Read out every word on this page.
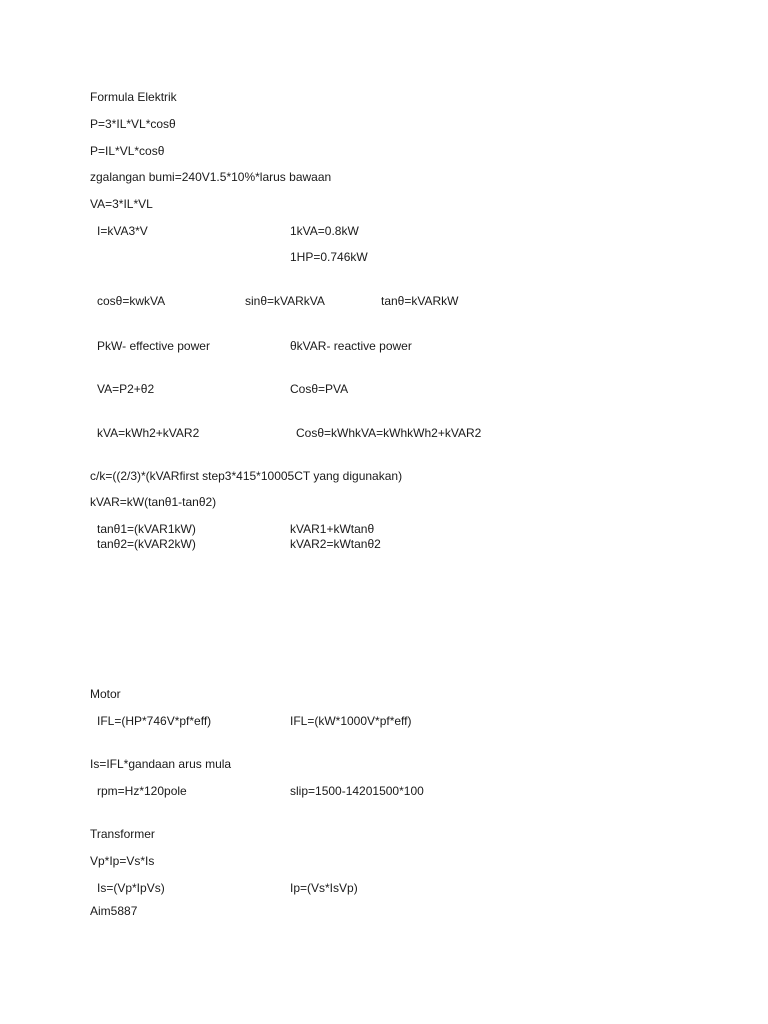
Formula Elektrik
P=3*IL*VL*cosθ
P=IL*VL*cosθ
zgalangan bumi=240V1.5*10%*larus bawaan
VA=3*IL*VL
I=kVA3*V	1kVA=0.8kW
1HP=0.746kW
cosθ=kwkVA	sinθ=kVARkVA	tanθ=kVARkW
PkW- effective power	θkVAR- reactive power
VA=P2+θ2	Cosθ=PVA
kVA=kWh2+kVAR2	Cosθ=kWhkVA=kWhkWh2+kVAR2
c/k=((2/3)*(kVARfirst step3*415*10005CT yang digunakan)
kVAR=kW(tanθ1-tanθ2)
tanθ1=(kVAR1kW)	kVAR1+kWtanθ
tanθ2=(kVAR2kW)	kVAR2=kWtanθ2
Motor
IFL=(HP*746V*pf*eff)	IFL=(kW*1000V*pf*eff)
Is=IFL*gandaan arus mula
rpm=Hz*120pole	slip=1500-14201500*100
Transformer
Vp*Ip=Vs*Is
Is=(Vp*IpVs)	Ip=(Vs*IsVp)
Aim5887
